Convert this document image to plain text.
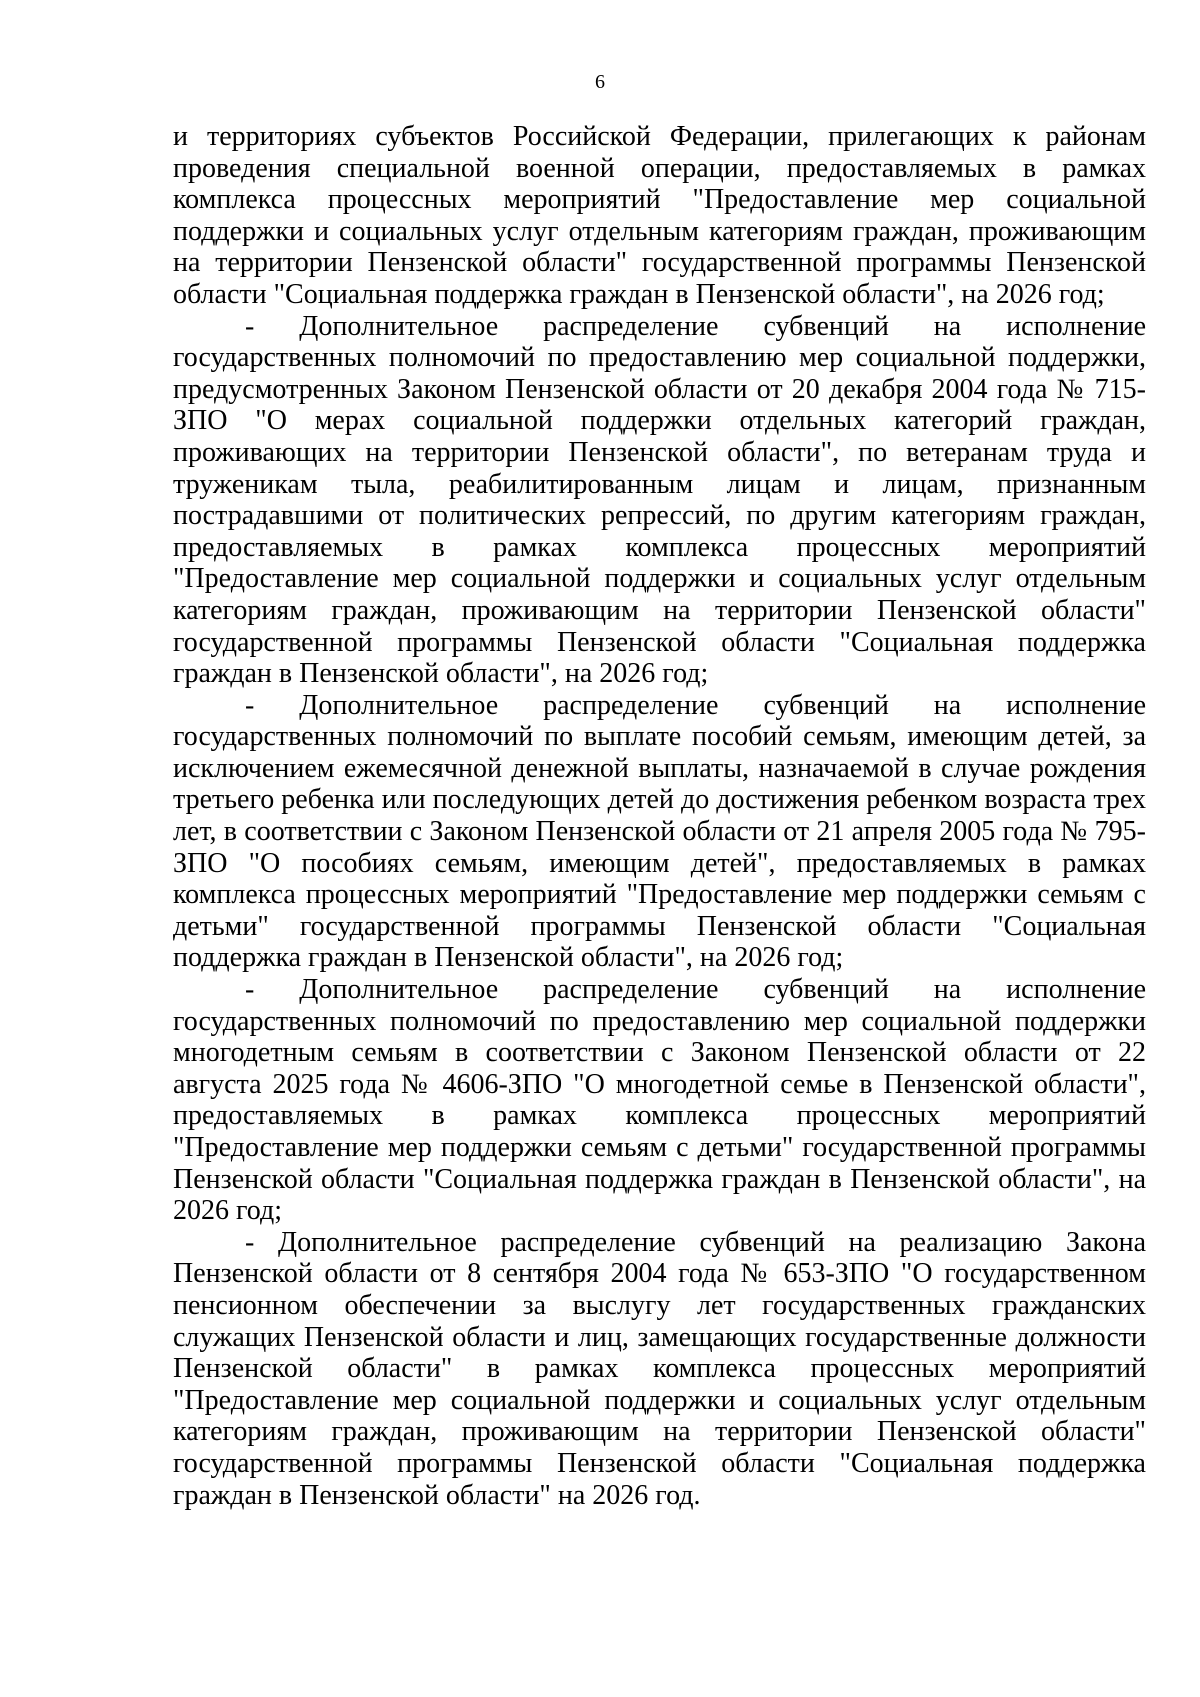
6

и территориях субъектов Российской Федерации, прилегающих к районам проведения специальной военной операции, предоставляемых в рамках комплекса процессных мероприятий "Предоставление мер социальной поддержки и социальных услуг отдельным категориям граждан, проживающим на территории Пензенской области" государственной программы Пензенской области "Социальная поддержка граждан в Пензенской области", на 2026 год;

- Дополнительное распределение субвенций на исполнение государственных полномочий по предоставлению мер социальной поддержки, предусмотренных Законом Пензенской области от 20 декабря 2004 года № 715-ЗПО "О мерах социальной поддержки отдельных категорий граждан, проживающих на территории Пензенской области", по ветеранам труда и труженикам тыла, реабилитированным лицам и лицам, признанным пострадавшими от политических репрессий, по другим категориям граждан, предоставляемых в рамках комплекса процессных мероприятий "Предоставление мер социальной поддержки и социальных услуг отдельным категориям граждан, проживающим на территории Пензенской области" государственной программы Пензенской области "Социальная поддержка граждан в Пензенской области", на 2026 год;

- Дополнительное распределение субвенций на исполнение государственных полномочий по выплате пособий семьям, имеющим детей, за исключением ежемесячной денежной выплаты, назначаемой в случае рождения третьего ребенка или последующих детей до достижения ребенком возраста трех лет, в соответствии с Законом Пензенской области от 21 апреля 2005 года № 795-ЗПО "О пособиях семьям, имеющим детей", предоставляемых в рамках комплекса процессных мероприятий "Предоставление мер поддержки семьям с детьми" государственной программы Пензенской области "Социальная поддержка граждан в Пензенской области", на 2026 год;

- Дополнительное распределение субвенций на исполнение государственных полномочий по предоставлению мер социальной поддержки многодетным семьям в соответствии с Законом Пензенской области от 22 августа 2025 года № 4606-ЗПО "О многодетной семье в Пензенской области", предоставляемых в рамках комплекса процессных мероприятий "Предоставление мер поддержки семьям с детьми" государственной программы Пензенской области "Социальная поддержка граждан в Пензенской области", на 2026 год;

- Дополнительное распределение субвенций на реализацию Закона Пензенской области от 8 сентября 2004 года № 653-ЗПО "О государственном пенсионном обеспечении за выслугу лет государственных гражданских служащих Пензенской области и лиц, замещающих государственные должности Пензенской области" в рамках комплекса процессных мероприятий "Предоставление мер социальной поддержки и социальных услуг отдельным категориям граждан, проживающим на территории Пензенской области" государственной программы Пензенской области "Социальная поддержка граждан в Пензенской области" на 2026 год.
